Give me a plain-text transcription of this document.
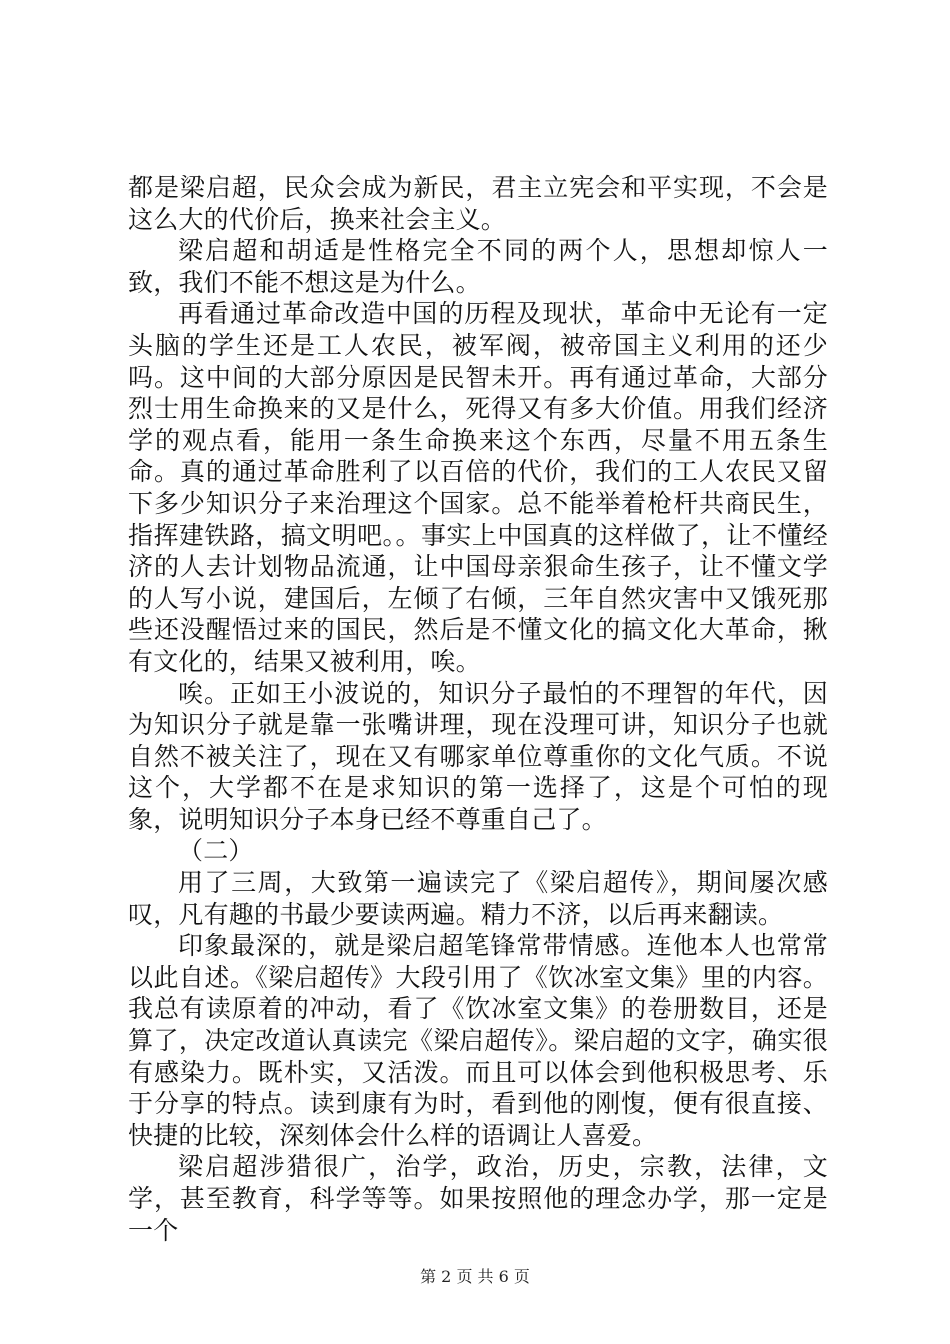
都是梁启超，民众会成为新民，君主立宪会和平实现，不会是这么大的代价后，换来社会主义。

梁启超和胡适是性格完全不同的两个人，思想却惊人一致，我们不能不想这是为什么。

再看通过革命改造中国的历程及现状，革命中无论有一定头脑的学生还是工人农民，被军阀，被帝国主义利用的还少吗。这中间的大部分原因是民智未开。再有通过革命，大部分烈士用生命换来的又是什么，死得又有多大价值。用我们经济学的观点看，能用一条生命换来这个东西，尽量不用五条生命。真的通过革命胜利了以百倍的代价，我们的工人农民又留下多少知识分子来治理这个国家。总不能举着枪杆共商民生，指挥建铁路，搞文明吧。。事实上中国真的这样做了，让不懂经济的人去计划物品流通，让中国母亲狠命生孩子，让不懂文学的人写小说，建国后，左倾了右倾，三年自然灾害中又饿死那些还没醒悟过来的国民，然后是不懂文化的搞文化大革命，揪有文化的，结果又被利用，唉。

唉。正如王小波说的，知识分子最怕的不理智的年代，因为知识分子就是靠一张嘴讲理，现在没理可讲，知识分子也就自然不被关注了，现在又有哪家单位尊重你的文化气质。不说这个，大学都不在是求知识的第一选择了，这是个可怕的现象，说明知识分子本身已经不尊重自己了。

（二）

用了三周，大致第一遍读完了《梁启超传》，期间屡次感叹，凡有趣的书最少要读两遍。精力不济，以后再来翻读。

印象最深的，就是梁启超笔锋常带情感。连他本人也常常以此自述。《梁启超传》大段引用了《饮冰室文集》里的内容。我总有读原着的冲动，看了《饮冰室文集》的卷册数目，还是算了，决定改道认真读完《梁启超传》。梁启超的文字，确实很有感染力。既朴实，又活泼。而且可以体会到他积极思考、乐于分享的特点。读到康有为时，看到他的刚愎，便有很直接、快捷的比较，深刻体会什么样的语调让人喜爱。

梁启超涉猎很广，治学，政治，历史，宗教，法律，文学，甚至教育，科学等等。如果按照他的理念办学，那一定是一个

第 2 页 共 6 页
